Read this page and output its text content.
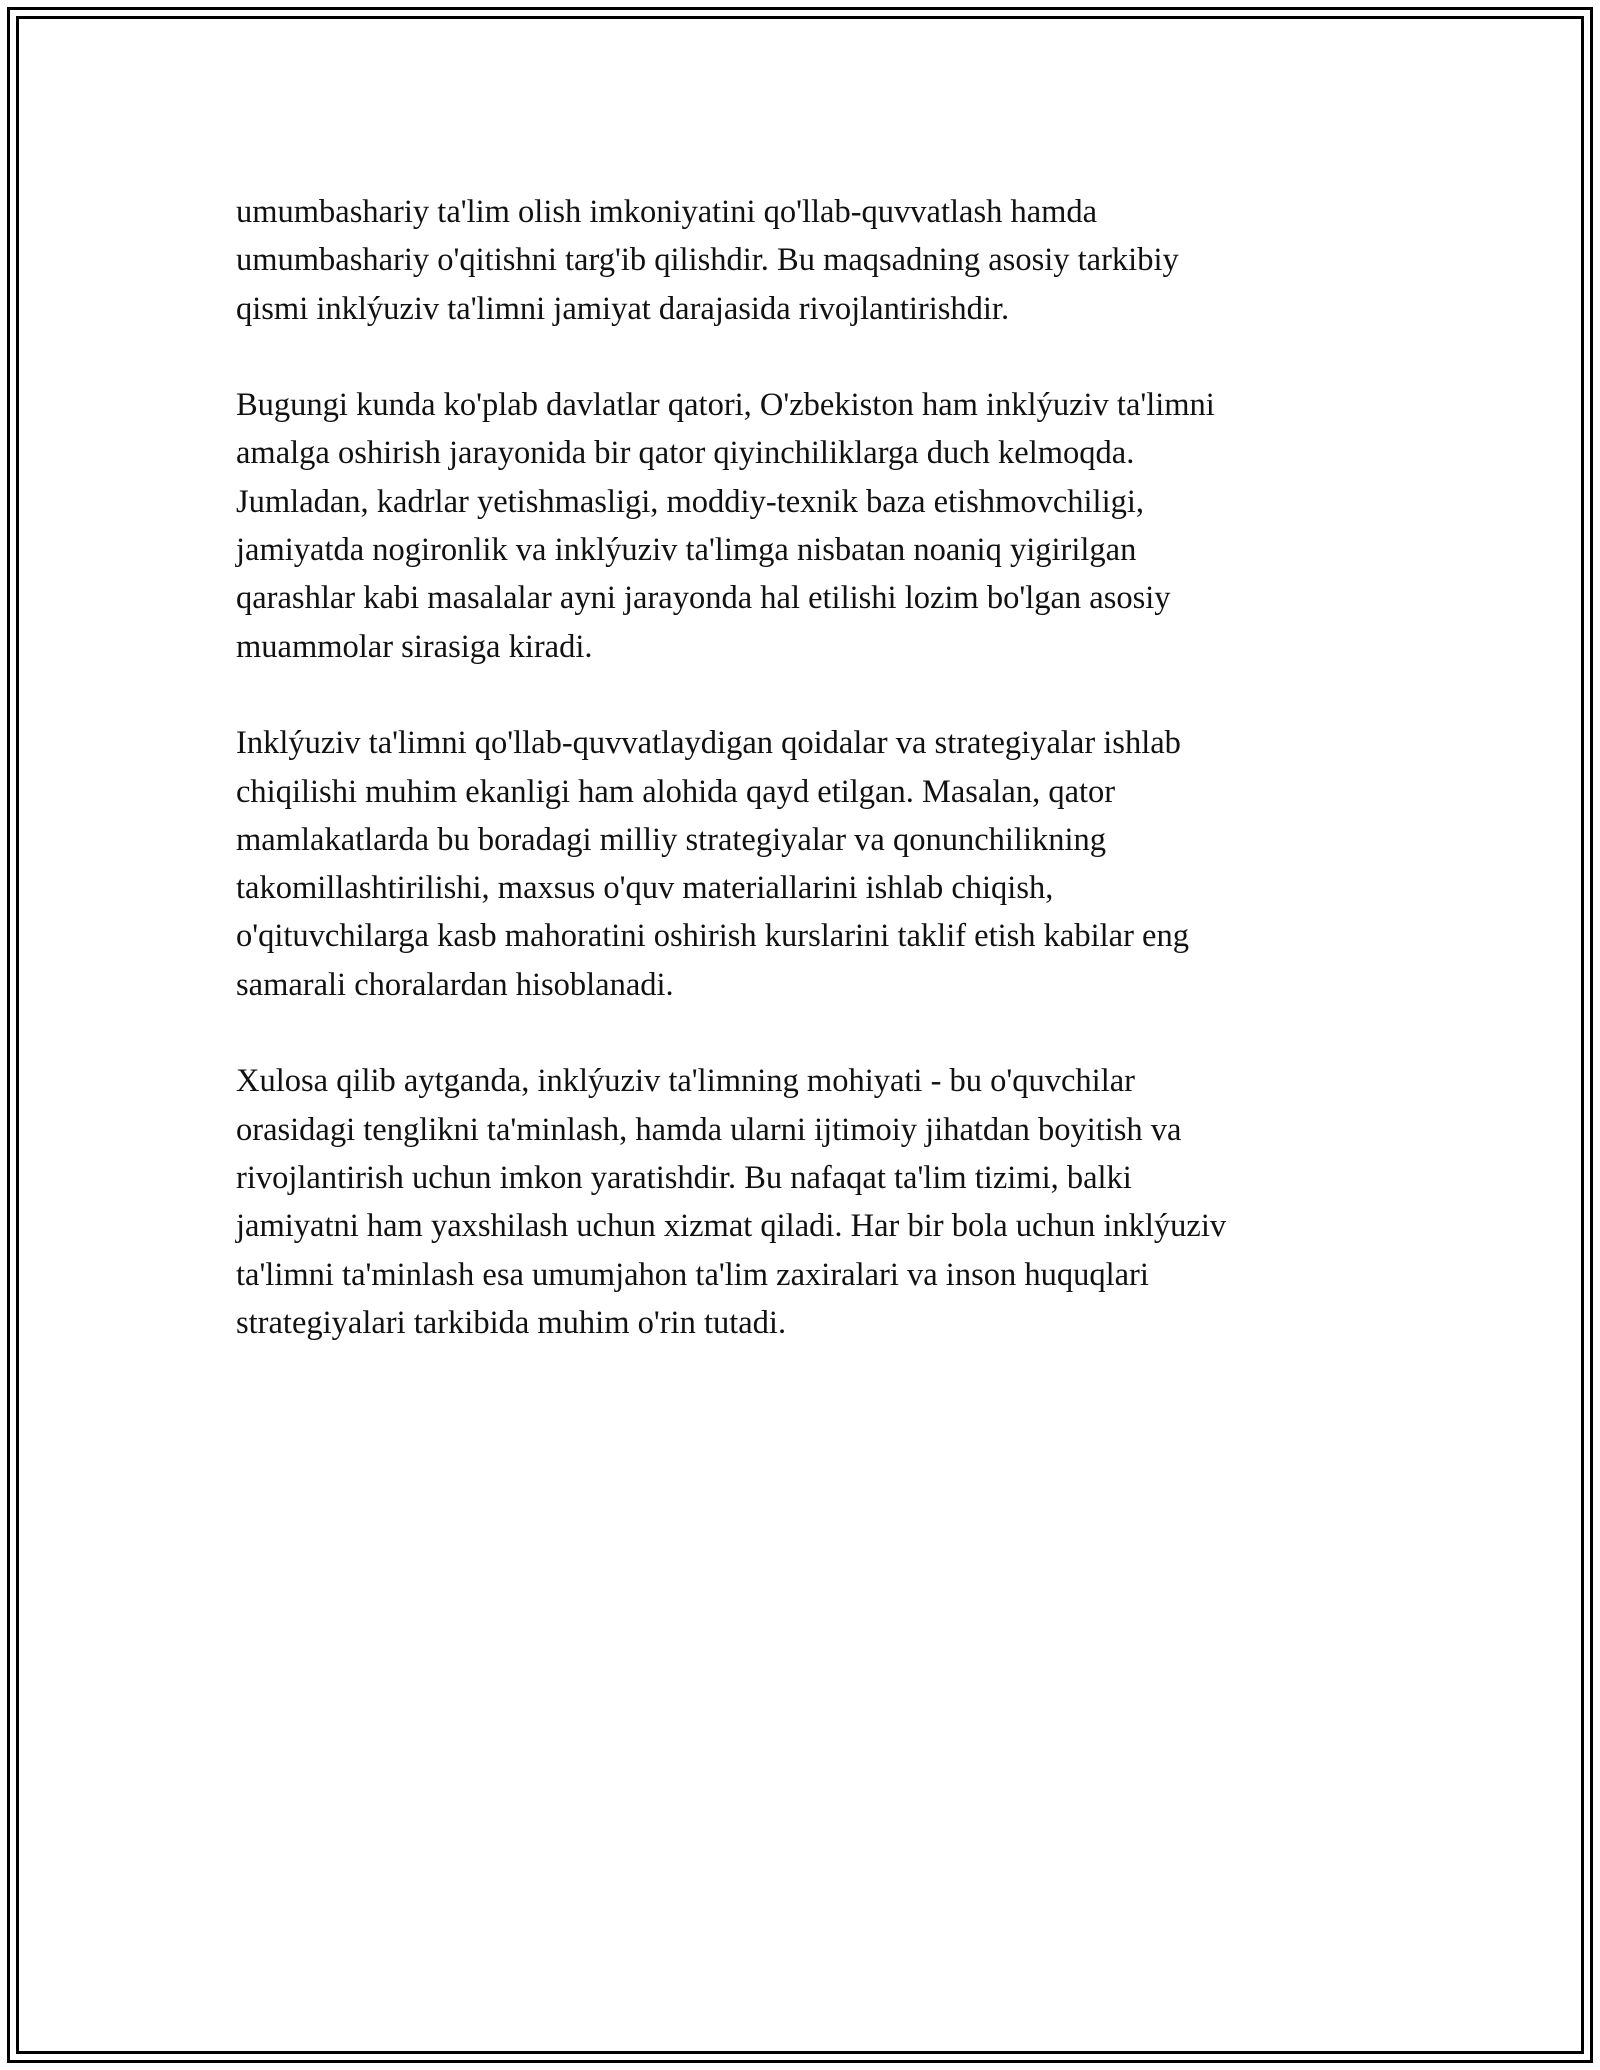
umumbashariy ta'lim olish imkoniyatini qo'llab-quvvatlash hamda
umumbashariy o'qitishni targ'ib qilishdir. Bu maqsadning asosiy tarkibiy
qismi inklýuziv ta'limni jamiyat darajasida rivojlantirishdir.

Bugungi kunda ko'plab davlatlar qatori, O'zbekiston ham inklýuziv ta'limni
amalga oshirish jarayonida bir qator qiyinchiliklarga duch kelmoqda.
Jumladan, kadrlar yetishmasligi, moddiy-texnik baza etishmovchiligi,
jamiyatda nogironlik va inklýuziv ta'limga nisbatan noaniq yigirilgan
qarashlar kabi masalalar ayni jarayonda hal etilishi lozim bo'lgan asosiy
muammolar sirasiga kiradi.

Inklýuziv ta'limni qo'llab-quvvatlaydigan qoidalar va strategiyalar ishlab
chiqilishi muhim ekanligi ham alohida qayd etilgan. Masalan, qator
mamlakatlarda bu boradagi milliy strategiyalar va qonunchilikning
takomillashtirilishi, maxsus o'quv materiallarini ishlab chiqish,
o'qituvchilarga kasb mahoratini oshirish kurslarini taklif etish kabilar eng
samarali choralardan hisoblanadi.

Xulosa qilib aytganda, inklýuziv ta'limning mohiyati - bu o'quvchilar
orasidagi tenglikni ta'minlash, hamda ularni ijtimoiy jihatdan boyitish va
rivojlantirish uchun imkon yaratishdir. Bu nafaqat ta'lim tizimi, balki
jamiyatni ham yaxshilash uchun xizmat qiladi. Har bir bola uchun inklýuziv
ta'limni ta'minlash esa umumjahon ta'lim zaxiralari va inson huquqlari
strategiyalari tarkibida muhim o'rin tutadi.
